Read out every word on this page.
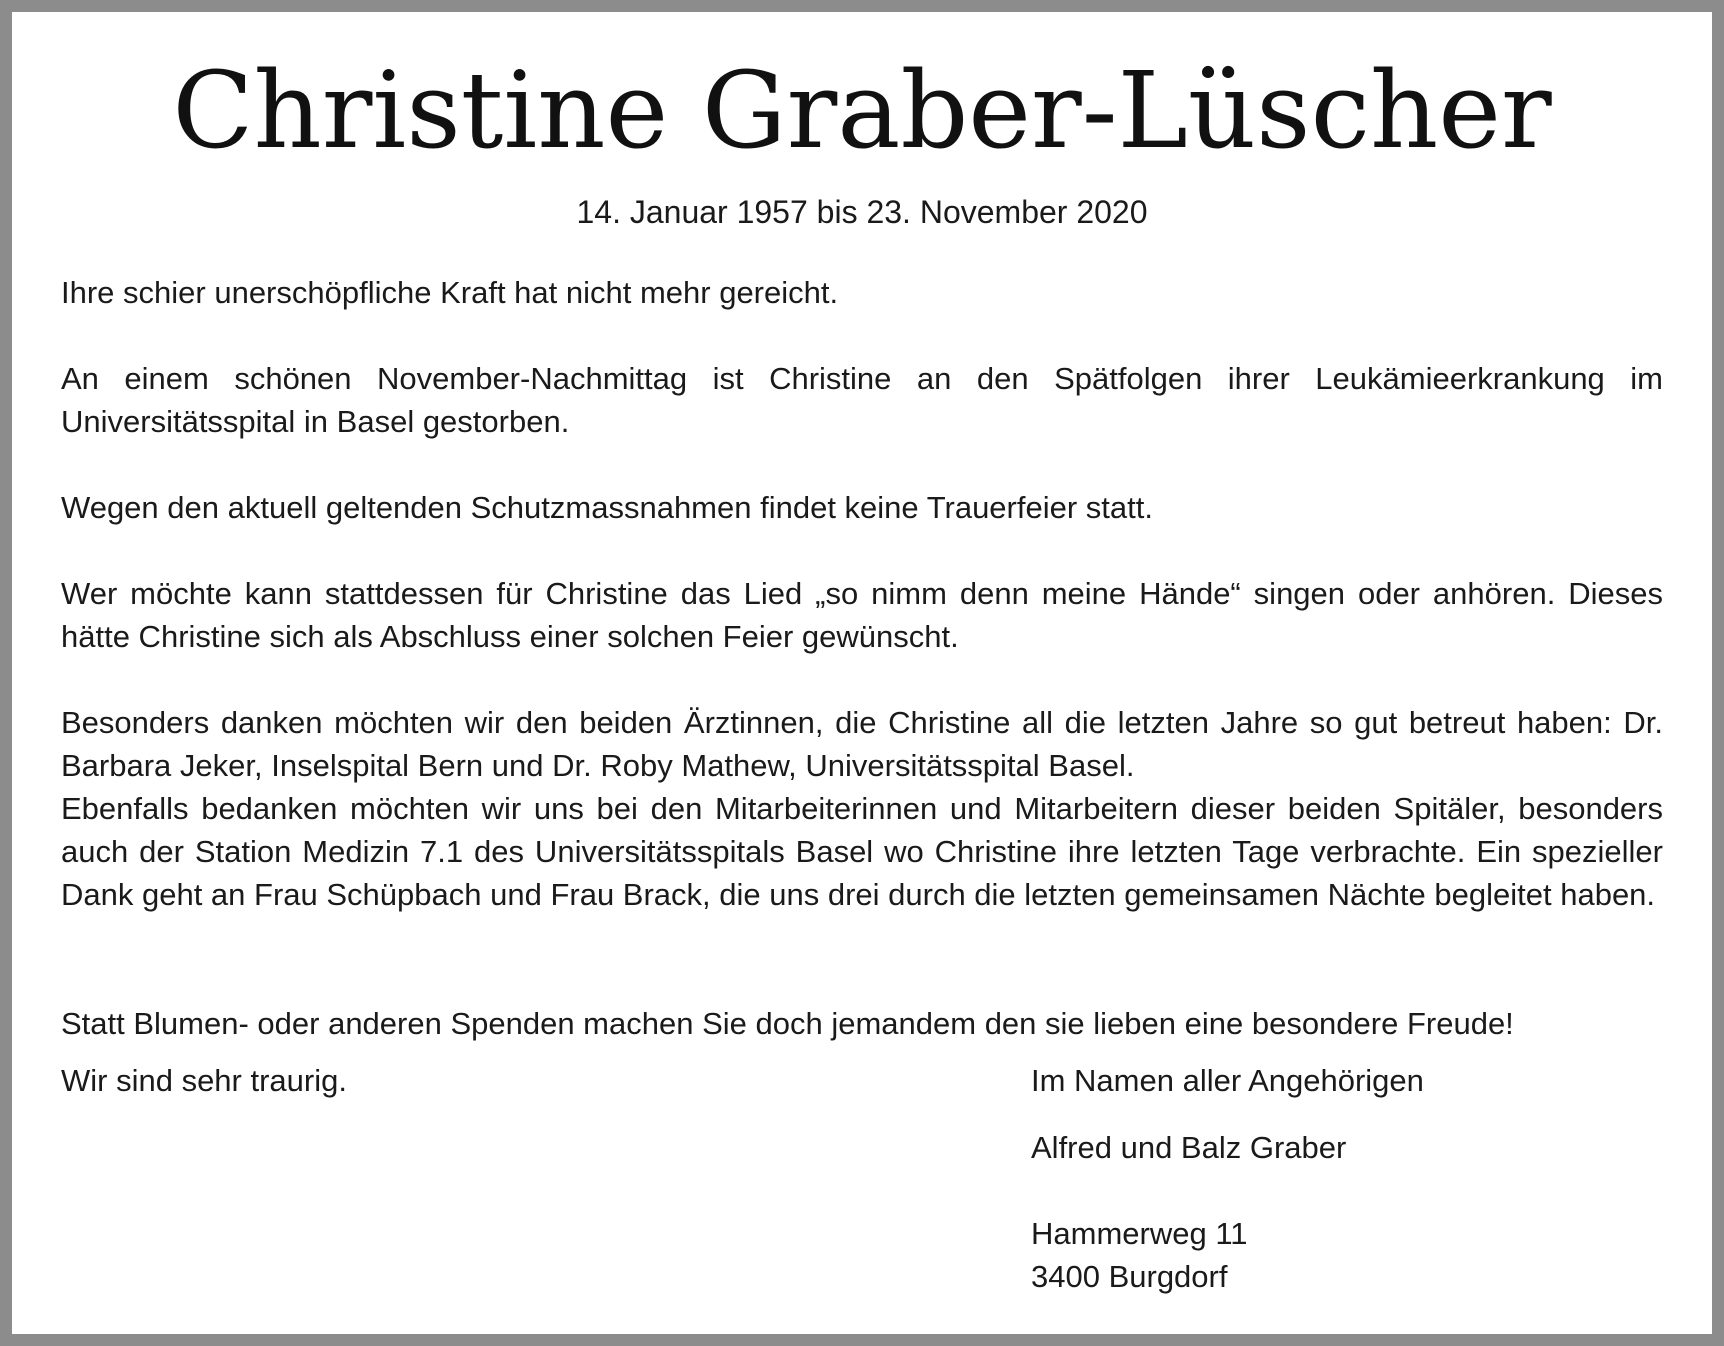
Christine Graber-Lüscher
14. Januar 1957 bis 23. November 2020

Ihre schier unerschöpfliche Kraft hat nicht mehr gereicht.

An einem schönen November-Nachmittag ist Christine an den Spätfolgen ihrer Leukämieerkrankung im Universitätsspital in Basel gestorben.

Wegen den aktuell geltenden Schutzmassnahmen findet keine Trauerfeier statt.

Wer möchte kann stattdessen für Christine das Lied „so nimm denn meine Hände“ singen oder anhören. Dieses hätte Christine sich als Abschluss einer solchen Feier gewünscht.

Besonders danken möchten wir den beiden Ärztinnen, die Christine all die letzten Jahre so gut betreut haben: Dr. Barbara Jeker, Inselspital Bern und Dr. Roby Mathew, Universitätsspital Basel.

Ebenfalls bedanken möchten wir uns bei den Mitarbeiterinnen und Mitarbeitern dieser beiden Spitäler, besonders auch der Station Medizin 7.1 des Universitätsspitals Basel wo Christine ihre letzten Tage verbrachte. Ein spezieller Dank geht an Frau Schüpbach und Frau Brack, die uns drei durch die letzten gemeinsamen Nächte begleitet haben.

Statt Blumen- oder anderen Spenden machen Sie doch jemandem den sie lieben eine besondere Freude!

Wir sind sehr traurig.	Im Namen aller Angehörigen
Alfred und Balz Graber
Hammerweg 11
3400 Burgdorf
